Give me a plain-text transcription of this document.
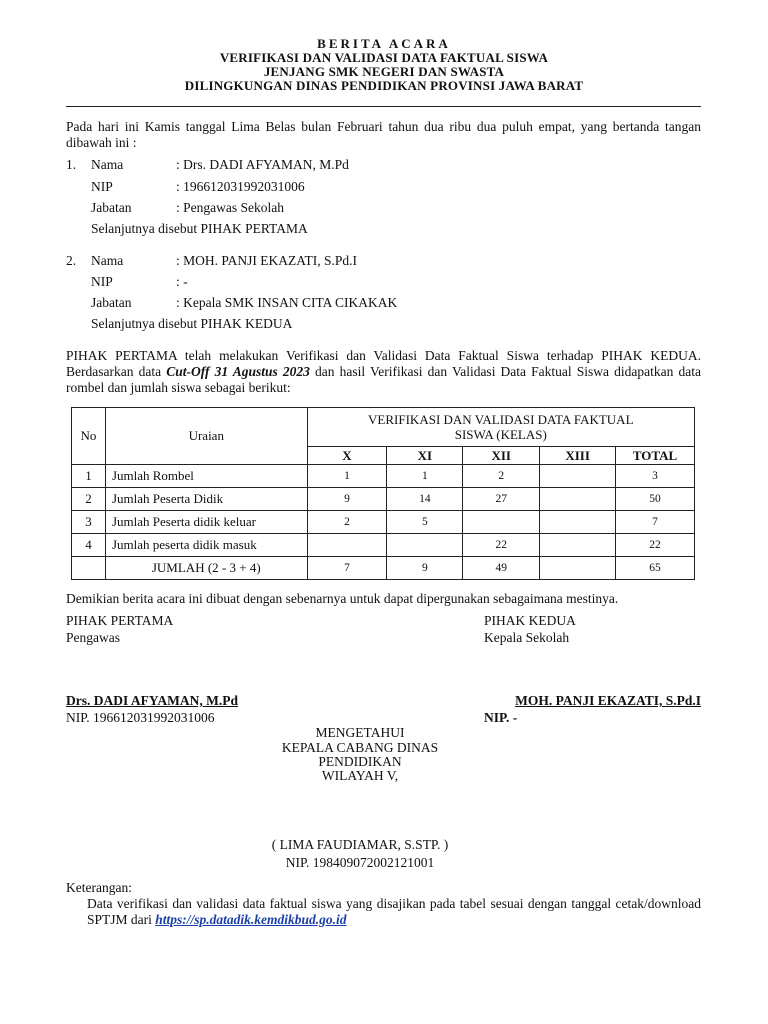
BERITA ACARA
VERIFIKASI DAN VALIDASI DATA FAKTUAL SISWA
JENJANG SMK NEGERI DAN SWASTA
DILINGKUNGAN DINAS PENDIDIKAN PROVINSI JAWA BARAT
Pada hari ini Kamis tanggal Lima Belas bulan Februari tahun dua ribu dua puluh empat, yang bertanda tangan dibawah ini :
1. Nama	: Drs. DADI AFYAMAN, M.Pd
NIP	: 196612031992031006
Jabatan	: Pengawas Sekolah
Selanjutnya disebut PIHAK PERTAMA
2. Nama	: MOH. PANJI EKAZATI, S.Pd.I
NIP	: -
Jabatan	: Kepala SMK INSAN CITA CIKAKAK
Selanjutnya disebut PIHAK KEDUA
PIHAK PERTAMA telah melakukan Verifikasi dan Validasi Data Faktual Siswa terhadap PIHAK KEDUA. Berdasarkan data Cut-Off 31 Agustus 2023 dan hasil Verifikasi dan Validasi Data Faktual Siswa didapatkan data rombel dan jumlah siswa sebagai berikut:
No	Uraian	VERIFIKASI DAN VALIDASI DATA FAKTUAL SISWA (KELAS)				
		X	XI	XII	XIII	TOTAL
1	Jumlah Rombel	1	1	2		3
2	Jumlah Peserta Didik	9	14	27		50
3	Jumlah Peserta didik keluar	2	5			7
4	Jumlah peserta didik masuk			22		22
	JUMLAH (2 - 3 + 4)	7	9	49		65
Demikian berita acara ini dibuat dengan sebenarnya untuk dapat dipergunakan sebagaimana mestinya.
PIHAK PERTAMA
Pengawas
PIHAK KEDUA
Kepala Sekolah
Drs. DADI AFYAMAN, M.Pd
NIP. 196612031992031006
MOH. PANJI EKAZATI, S.Pd.I
NIP. -
MENGETAHUI
KEPALA CABANG DINAS
PENDIDIKAN
WILAYAH V,
( LIMA FAUDIAMAR, S.STP. )
NIP. 198409072002121001
Keterangan:
Data verifikasi dan validasi data faktual siswa yang disajikan pada tabel sesuai dengan tanggal cetak/download SPTJM dari https://sp.datadik.kemdikbud.go.id
